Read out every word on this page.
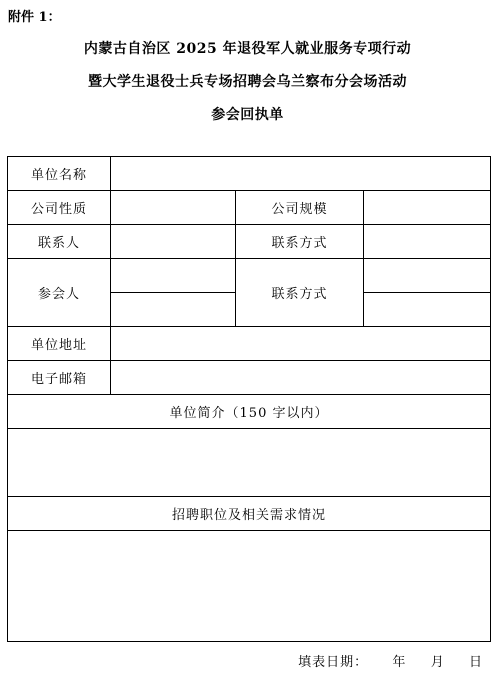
附件 1：
内蒙古自治区 2025 年退役军人就业服务专项行动
暨大学生退役士兵专场招聘会乌兰察布分会场活动
参会回执单
单位名称			
公司性质		公司规模	
联系人		联系方式	
参会人		联系方式	

单位地址			
电子邮箱			
单位简介（150 字以内）			

招聘职位及相关需求情况			

填表日期： 年 月 日
